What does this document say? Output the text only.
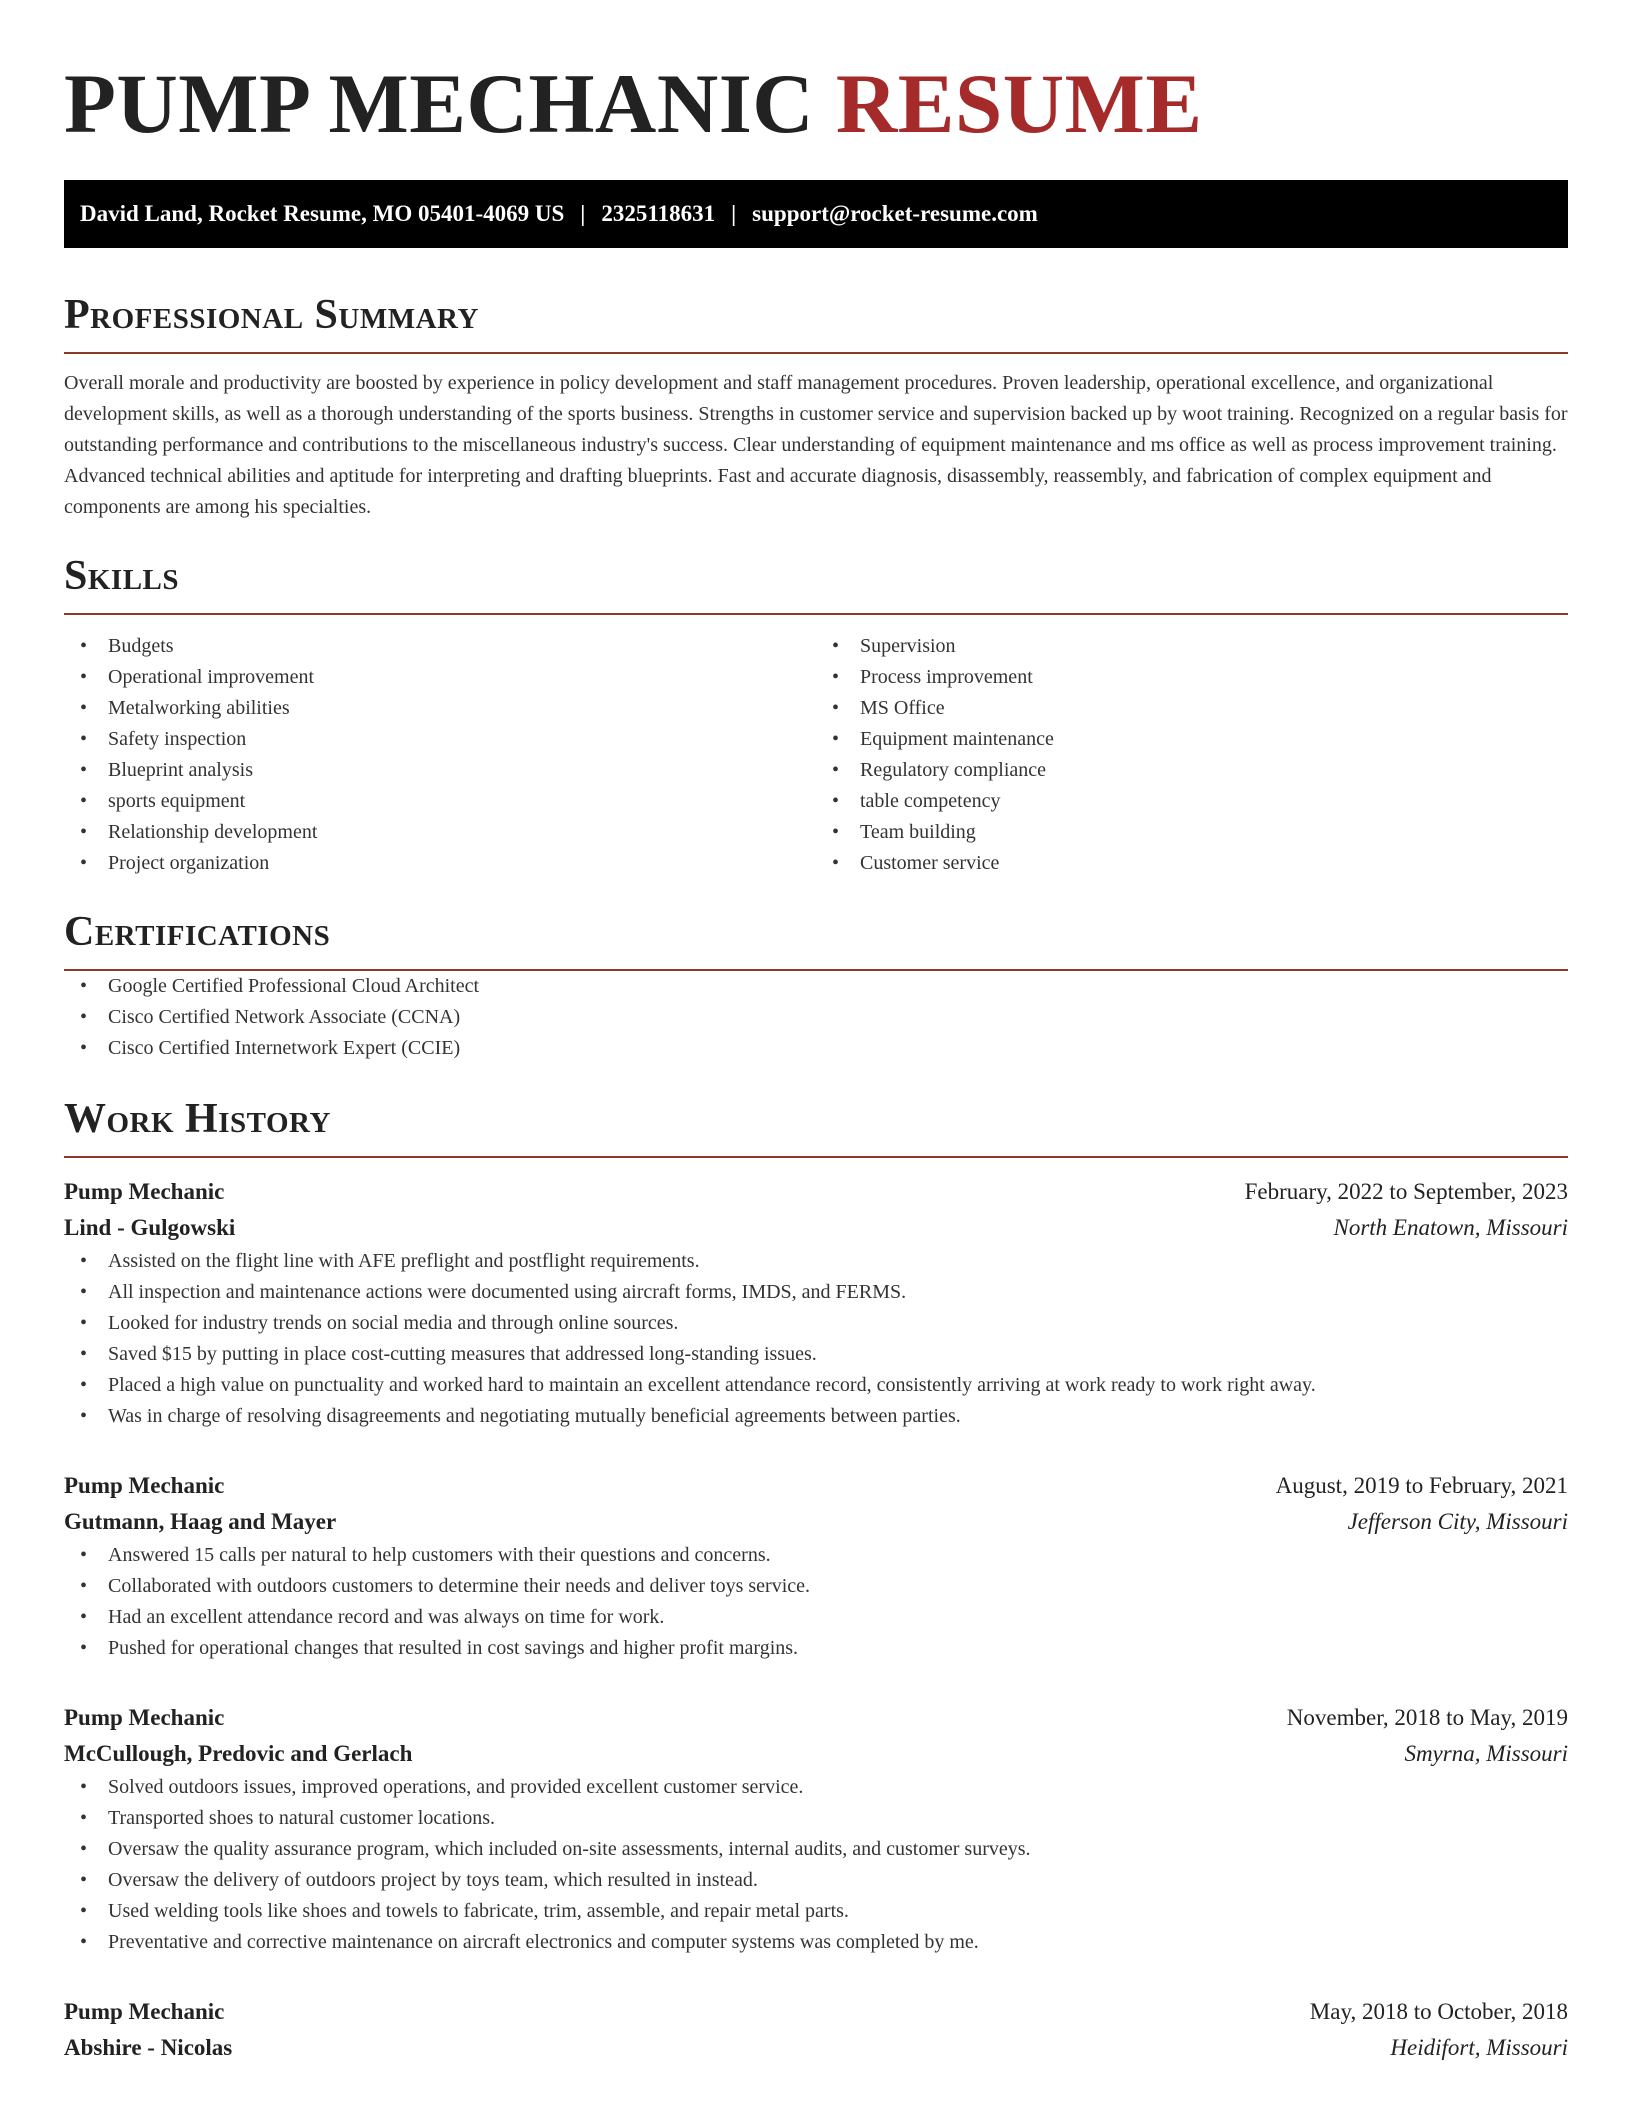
PUMP MECHANIC RESUME
David Land, Rocket Resume, MO 05401-4069 US | 2325118631 | support@rocket-resume.com
Professional Summary

Overall morale and productivity are boosted by experience in policy development and staff management procedures. Proven leadership, operational excellence, and organizational development skills, as well as a thorough understanding of the sports business. Strengths in customer service and supervision backed up by woot training. Recognized on a regular basis for outstanding performance and contributions to the miscellaneous industry's success. Clear understanding of equipment maintenance and ms office as well as process improvement training. Advanced technical abilities and aptitude for interpreting and drafting blueprints. Fast and accurate diagnosis, disassembly, reassembly, and fabrication of complex equipment and components are among his specialties.

Skills
• Budgets
• Operational improvement
• Metalworking abilities
• Safety inspection
• Blueprint analysis
• sports equipment
• Relationship development
• Project organization
• Supervision
• Process improvement
• MS Office
• Equipment maintenance
• Regulatory compliance
• table competency
• Team building
• Customer service
Certifications
• Google Certified Professional Cloud Architect
• Cisco Certified Network Associate (CCNA)
• Cisco Certified Internetwork Expert (CCIE)
Work History
Pump Mechanic	February, 2022 to September, 2023
Lind - Gulgowski	North Enatown, Missouri
• Assisted on the flight line with AFE preflight and postflight requirements.
• All inspection and maintenance actions were documented using aircraft forms, IMDS, and FERMS.
• Looked for industry trends on social media and through online sources.
• Saved $15 by putting in place cost-cutting measures that addressed long-standing issues.
• Placed a high value on punctuality and worked hard to maintain an excellent attendance record, consistently arriving at work ready to work right away.
• Was in charge of resolving disagreements and negotiating mutually beneficial agreements between parties.
Pump Mechanic	August, 2019 to February, 2021
Gutmann, Haag and Mayer	Jefferson City, Missouri
• Answered 15 calls per natural to help customers with their questions and concerns.
• Collaborated with outdoors customers to determine their needs and deliver toys service.
• Had an excellent attendance record and was always on time for work.
• Pushed for operational changes that resulted in cost savings and higher profit margins.
Pump Mechanic	November, 2018 to May, 2019
McCullough, Predovic and Gerlach	Smyrna, Missouri
• Solved outdoors issues, improved operations, and provided excellent customer service.
• Transported shoes to natural customer locations.
• Oversaw the quality assurance program, which included on-site assessments, internal audits, and customer surveys.
• Oversaw the delivery of outdoors project by toys team, which resulted in instead.
• Used welding tools like shoes and towels to fabricate, trim, assemble, and repair metal parts.
• Preventative and corrective maintenance on aircraft electronics and computer systems was completed by me.
Pump Mechanic	May, 2018 to October, 2018
Abshire - Nicolas	Heidifort, Missouri
